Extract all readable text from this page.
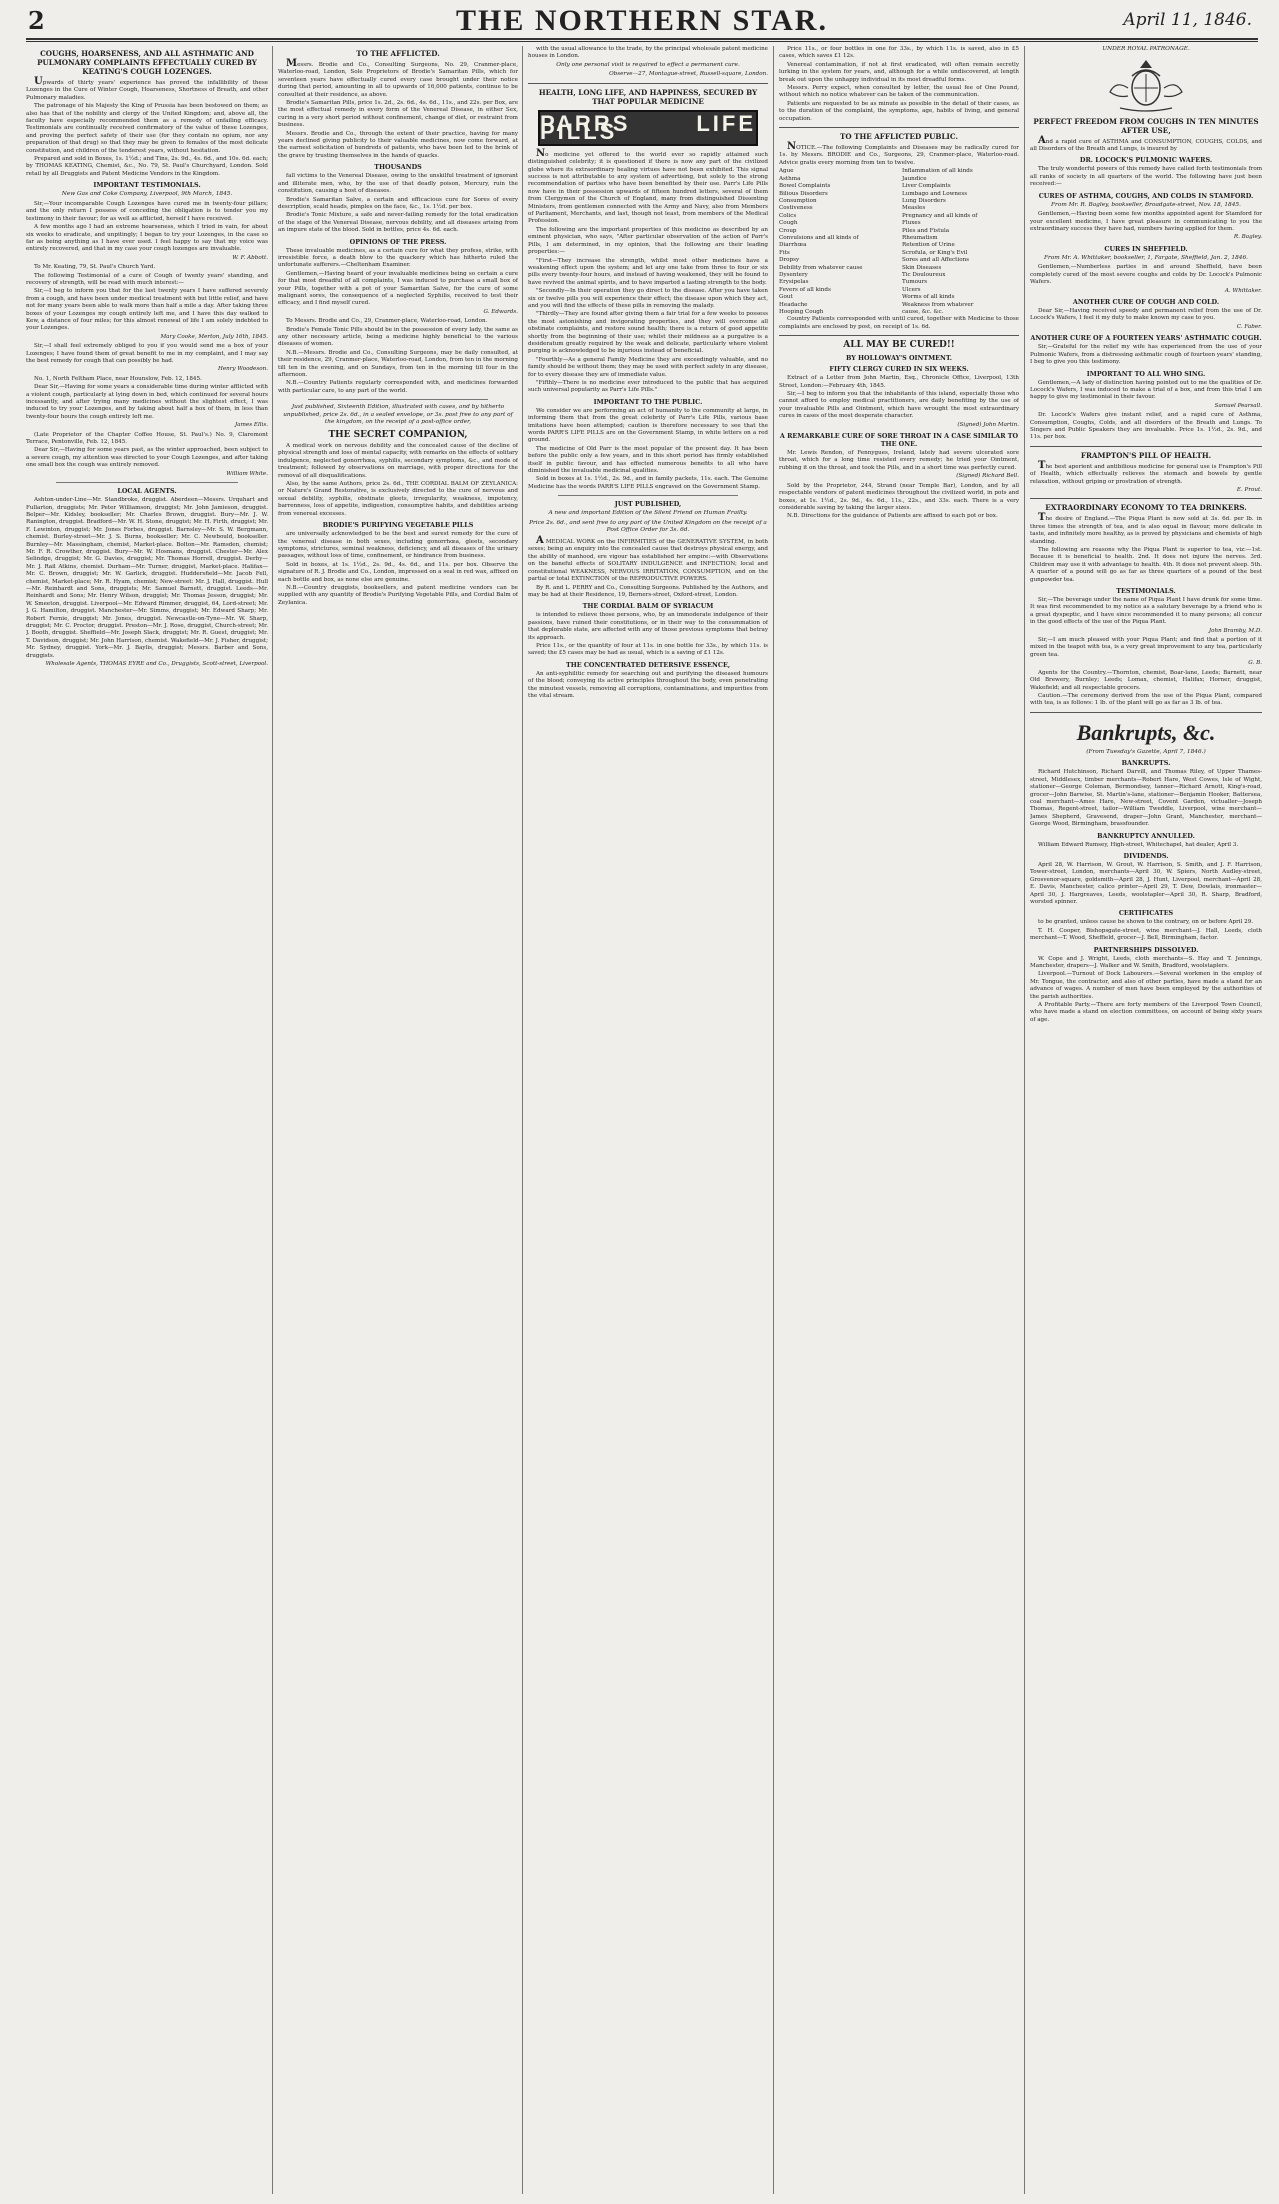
2	THE NORTHERN STAR.	April 11, 1846.
COUGHS, HOARSENESS, AND ALL ASTHMATIC AND PULMONARY COMPLAINTS EFFECTUALLY CURED BY KEATING'S COUGH LOZENGES.
Upwards of thirty years' experience has proved the infallibility of these Lozenges in the Cure of Winter Cough, Hoarseness, Shortness of Breath, and other Pulmonary maladies.
The patronage of his Majesty the King of Prussia has been bestowed on them; as also has that of the nobility and clergy of the United Kingdom; and, above all, the faculty have especially recommended them as a remedy of unfailing efficacy. Testimonials are continually received confirmatory of the value of these Lozenges, and proving the perfect safety of their use (for they contain no opium, nor any preparation of that drug) so that they may be given to females of the most delicate constitution, and children of the tenderest years, without hesitation.
Prepared and sold in Boxes, 1s. 1½d.; and Tins, 2s. 9d., 4s. 6d., and 10s. 6d. each; by THOMAS KEATING, Chemist, &c., No. 79, St. Paul's Churchyard, London. Sold retail by all Druggists and Patent Medicine Vendors in the Kingdom.
IMPORTANT TESTIMONIALS.
New Gas and Coke Company, Liverpool, 9th March, 1845.
Sir,—Your incomparable Cough Lozenges have cured me in twenty-four pillars; and the only return I possess of conceding the obligation is to tender you my testimony in their favour; for as well as afflicted, herself I have received.
A few months ago I had an extreme hoarseness, which I tried in vain, for about six weeks to eradicate, and unpitingly; I began to try your Lozenges, in the case so far as being anything as I have ever used. I feel happy to say that my voice was entirely recovered, and that in my case your cough lozenges are invaluable.
W. F. Abbott.
To Mr. Keating, 79, St. Paul's Church Yard.
The following Testimonial of a cure of Cough of twenty years' standing, and recovery of strength, will be read with much interest:—
Sir,—I beg to inform you that for the last twenty years I have suffered severely from a cough, and have been under medical treatment with but little relief, and have not for many years been able to walk more than half a mile a day. After taking three boxes of your Lozenges my cough entirely left me, and I have this day walked to Kew, a distance of four miles; for this almost renewal of life I am solely indebted to your Lozenges.
Mary Cooke, Merton, July 16th, 1845.
Sir,—I shall feel extremely obliged to you if you would send me a box of your Lozenges; I have found them of great benefit to me in my complaint, and I may say the best remedy for cough that can possibly be had.
Henry Woodeson.
No. 1, North Feltham Place, near Hounslow, Feb. 12, 1845.
Dear Sir,—Having for some years a considerable time during winter afflicted with a violent cough, particularly at lying down in bed, which continued for several hours incessantly, and after trying many medicines without the slightest effect, I was induced to try your Lozenges, and by taking about half a box of them, in less than twenty-four hours the cough entirely left me.
James Ellis.
(Late Proprietor of the Chapter Coffee House, St. Paul's.) No. 9, Claremont Terrace, Pentonville, Feb. 12, 1845.
Dear Sir,—Having for some years past, as the winter approached, been subject to a severe cough, my attention was directed to your Cough Lozenges, and after taking one small box the cough was entirely removed.
William White.
LOCAL AGENTS.
Ashton-under-Line—Mr. Standbroke, druggist. Aberdeen—Messrs. Urquhart and Fullarton, druggists; Mr. Peter Williamson, druggist; Mr. John Jamieson, druggist. Belper—Mr. Kidsley, bookseller; Mr. Charles Brown, druggist. Bury—Mr. J. W. Ranington, druggist. Bradford—Mr. W. H. Stone, druggist; Mr. H. Firth, druggist; Mr. F. Lewinton, druggist; Mr. Jones Forbes, druggist. Barnsley—Mr. S. W. Bergmann, chemist. Burley-street—Mr. J. S. Burns, bookseller; Mr. C. Newbould, bookseller. Burnley—Mr. Massingham, chemist, Market-place. Bolton—Mr. Ramsden, chemist; Mr. F. R. Crowther, druggist. Bury—Mr. W. Hosmans, druggist. Chester—Mr. Alex Selindge, druggist; Mr. G. Davies, druggist; Mr. Thomas Horrell, druggist. Derby—Mr. J. Rail Atkins, chemist. Durham—Mr. Turner, druggist, Market-place. Halifax—Mr. C. Brown, druggist; Mr. W. Garlick, druggist. Huddersfield—Mr. Jacob Fell, chemist, Market-place; Mr. R. Hyam, chemist; New-street: Mr. J. Hall, druggist. Hull—Mr. Reinhardt and Sons, druggists; Mr. Samuel Barnett, druggist. Leeds—Mr. Reinhardt and Sons; Mr. Henry Wilson, druggist; Mr. Thomas Jesson, druggist; Mr. W. Smeeton, druggist. Liverpool—Mr. Edward Rimmer, druggist, 64, Lord-street; Mr. J. G. Hamilton, druggist. Manchester—Mr. Simms, druggist; Mr. Edward Sharp; Mr. Robert Fernie, druggist; Mr. Jones, druggist. Newcastle-on-Tyne—Mr. W. Sharp, druggist; Mr. C. Proctor, druggist. Preston—Mr. J. Rose, druggist, Church-street; Mr. J. Booth, druggist. Sheffield—Mr. Joseph Slack, druggist; Mr. R. Guest, druggist; Mr. T. Davidson, druggist; Mr. John Harrison, chemist. Wakefield—Mr. J. Fisher, druggist; Mr. Sydney, druggist. York—Mr. J. Baylis, druggist; Messrs. Barber and Sons, druggists.
Wholesale Agents, THOMAS EYRE and Co., Druggists, Scott-street, Liverpool.
TO THE AFFLICTED.
Messrs. Brodie and Co., Consulting Surgeons, No. 29, Cranmer-place, Waterloo-road, London, Sole Proprietors of Brodie's Samaritan Pills, which for seventeen years have effectually cured every case brought under their notice during that period, amounting in all to upwards of 16,000 patients, continue to be consulted at their residence, as above.
Brodie's Samaritan Pills, price 1s. 2d., 2s. 6d., 4s. 6d., 11s., and 22s. per Box, are the most effectual remedy in every form of the Venereal Disease, in either Sex, curing in a very short period without confinement, change of diet, or restraint from business.
Messrs. Brodie and Co., through the extent of their practice, having for many years declined giving publicity to their valuable medicines, now come forward, at the earnest solicitation of hundreds of patients, who have been led to the brink of the grave by trusting themselves in the hands of quacks.
THOUSANDS
fall victims to the Venereal Disease, owing to the unskilful treatment of ignorant and illiterate men, who, by the use of that deadly poison, Mercury, ruin the constitution, causing a host of diseases.
Brodie's Samaritan Salve, a certain and efficacious cure for Sores of every description, scald heads, pimples on the face, &c., 1s. 1½d. per box.
Brodie's Tonic Mixture, a safe and never-failing remedy for the total eradication of the stage of the Venereal Disease, nervous debility, and all diseases arising from an impure state of the blood. Sold in bottles, price 4s. 6d. each.
OPINIONS OF THE PRESS.
These invaluable medicines, as a certain cure for what they profess, strike, with irresistible force, a death blow to the quackery which has hitherto ruled the unfortunate sufferers.—Cheltenham Examiner.
Gentlemen,—Having heard of your invaluable medicines being so certain a cure for that most dreadful of all complaints, I was induced to purchase a small box of your Pills, together with a pot of your Samaritan Salve, for the cure of some malignant sores, the consequence of a neglected Syphilis, received to test their efficacy, and I find myself cured.
G. Edwards.
To Messrs. Brodie and Co., 29, Cranmer-place, Waterloo-road, London.
Brodie's Female Tonic Pills should be in the possession of every lady, the same as any other necessary article, being a medicine highly beneficial to the various diseases of women.
N.B.—Messrs. Brodie and Co., Consulting Surgeons, may be daily consulted, at their residence, 29, Cranmer-place, Waterloo-road, London, from ten in the morning till ten in the evening, and on Sundays, from ten in the morning till four in the afternoon.
N.B.—Country Patients regularly corresponded with, and medicines forwarded with particular care, to any part of the world.
Just published, Sixteenth Edition, illustrated with cases, and by hitherto unpublished, price 2s. 6d., in a sealed envelope, or 3s. post free to any part of the kingdom, on the receipt of a post-office order,
THE SECRET COMPANION,
A medical work on nervous debility and the concealed cause of the decline of physical strength and loss of mental capacity, with remarks on the effects of solitary indulgence, neglected gonorrhœa, syphilis, secondary symptoms, &c., and mode of treatment; followed by observations on marriage, with proper directions for the removal of all disqualifications.
Also, by the same Authors, price 2s. 6d., THE CORDIAL BALM OF ZEYLANICA: or Nature's Grand Restorative, is exclusively directed to the cure of nervous and sexual debility, syphilis, obstinate gleets, irregularity, weakness, impotency, barrenness, loss of appetite, indigestion, consumptive habits, and debilities arising from venereal excesses.
BRODIE'S PURIFYING VEGETABLE PILLS
are universally acknowledged to be the best and surest remedy for the cure of the venereal disease in both sexes, including gonorrhœa, gleets, secondary symptoms, strictures, seminal weakness, deficiency, and all diseases of the urinary passages, without loss of time, confinement, or hindrance from business.
Sold in boxes, at 1s. 1½d., 2s. 9d., 4s. 6d., and 11s. per box. Observe the signature of R. J. Brodie and Co., London, impressed on a seal in red wax, affixed on each bottle and box, as none else are genuine.
N.B.—Country druggists, booksellers, and patent medicine vendors can be supplied with any quantity of Brodie's Purifying Vegetable Pills, and Cordial Balm of Zeylanica.
with the usual allowance to the trade, by the principal wholesale patent medicine houses in London.
Only one personal visit is required to effect a permanent cure.
Observe—27, Montague-street, Russell-square, London.
HEALTH, LONG LIFE, AND HAPPINESS, SECURED BY THAT POPULAR MEDICINE
PARRS LIFE PILLS
No medicine yet offered to the world ever so rapidly attained such distinguished celebrity; it is questioned if there is now any part of the civilized globe where its extraordinary healing virtues have not been exhibited. This signal success is not attributable to any system of advertising, but solely to the strong recommendation of parties who have been benefited by their use. Parr's Life Pills now have in their possession upwards of fifteen hundred letters, several of them from Clergymen of the Church of England, many from distinguished Dissenting Ministers, from gentlemen connected with the Army and Navy, also from Members of Parliament, Merchants, and last, though not least, from members of the Medical Profession.
The following are the important properties of this medicine as described by an eminent physician, who says, "After particular observation of the action of Parr's Pills, I am determined, in my opinion, that the following are their leading properties:—
"First—They increase the strength, whilst most other medicines have a weakening effect upon the system; and let any one take from three to four or six pills every twenty-four hours, and instead of having weakened, they will be found to have revived the animal spirits, and to have imparted a lasting strength to the body.
"Secondly—In their operation they go direct to the disease. After you have taken six or twelve pills you will experience their effect; the disease upon which they act, and you will find the effects of these pills in removing the malady.
"Thirdly—They are found after giving them a fair trial for a few weeks to possess the most astonishing and invigorating properties, and they will overcome all obstinate complaints, and restore sound health; there is a return of good appetite shortly from the beginning of their use; whilst their mildness as a purgative is a desideratum greatly required by the weak and delicate, particularly where violent purging is acknowledged to be injurious instead of beneficial.
"Fourthly—As a general Family Medicine they are exceedingly valuable, and no family should be without them; they may be used with perfect safety in any disease, for to every disease they are of immediate value.
"Fifthly—There is no medicine ever introduced to the public that has acquired such universal popularity as Parr's Life Pills."
IMPORTANT TO THE PUBLIC.
We consider we are performing an act of humanity to the community at large, in informing them that from the great celebrity of Parr's Life Pills, various base imitations have been attempted; caution is therefore necessary to see that the words PARR'S LIFE PILLS are on the Government Stamp, in white letters on a red ground.
The medicine of Old Parr is the most popular of the present day. It has been before the public only a few years, and in this short period has firmly established itself in public favour, and has effected numerous benefits to all who have diminished the invaluable medicinal qualities.
Sold in boxes at 1s. 1½d., 2s. 9d., and in family packets, 11s. each. The Genuine Medicine has the words PARR'S LIFE PILLS engraved on the Government Stamp.
JUST PUBLISHED,
A new and important Edition of the Silent Friend on Human Frailty.
Price 2s. 6d., and sent free to any part of the United Kingdom on the receipt of a Post Office Order for 3s. 6d.
A MEDICAL WORK on the INFIRMITIES of the GENERATIVE SYSTEM, in both sexes; being an enquiry into the concealed cause that destroys physical energy, and the ability of manhood, ere vigour has established her empire:—with Observations on the baneful effects of SOLITARY INDULGENCE and INFECTION; local and constitutional WEAKNESS, NERVOUS IRRITATION, CONSUMPTION, and on the partial or total EXTINCTION of the REPRODUCTIVE POWERS.
By R. and L. PERRY and Co., Consulting Surgeons. Published by the Authors, and may be had at their Residence, 19, Berners-street, Oxford-street, London.
THE CORDIAL BALM OF SYRIACUM
is intended to relieve those persons, who, by an immoderate indulgence of their passions, have ruined their constitutions, or in their way to the consummation of that deplorable state, are affected with any of those previous symptoms that betray its approach.
Price 11s., or the quantity of four at 11s. in one bottle for 33s., by which 11s. is saved; the £5 cases may be had as usual, which is a saving of £1 12s.
THE CONCENTRATED DETERSIVE ESSENCE,
An anti-syphilitic remedy for searching out and purifying the diseased humours of the blood; conveying its active principles throughout the body, even penetrating the minutest vessels, removing all corruptions, contaminations, and impurities from the vital stream.
Price 11s., or four bottles in one for 33s., by which 11s. is saved, also in £5 cases, which saves £1 12s.
Venereal contamination, if not at first eradicated, will often remain secretly lurking in the system for years, and, although for a while undiscovered, at length break out upon the unhappy individual in its most dreadful forms.
Messrs. Perry expect, when consulted by letter, the usual fee of One Pound, without which no notice whatever can be taken of the communication.
Patients are requested to be as minute as possible in the detail of their cases, as to the duration of the complaint, the symptoms, age, habits of living, and general occupation.
TO THE AFFLICTED PUBLIC.
NOTICE.—The following Complaints and Diseases may be radically cured for 1s. by Messrs. BRODIE and Co., Surgeons, 29, Cranmer-place, Waterloo-road. Advice gratis every morning from ten to twelve.
Ague	Inflammation of all kinds
Asthma	Jaundice
Bowel Complaints	Liver Complaints
Bilious Disorders	Lumbago and Lowness
Consumption	Lung Disorders
Costiveness	Measles
Colics	Pregnancy and all kinds of
Cough	Fluxes
Croup	Piles and Fistula
Convulsions and all kinds of	Rheumatism
Diarrhœa	Retention of Urine
Fits	Scrofula, or King's Evil
Dropsy	Sores and all Affections
Debility from whatever cause	Skin Diseases
Dysentery	Tic Douloureux
Erysipelas	Tumours
Fevers of all kinds	Ulcers
Gout	Worms of all kinds
Headache	Weakness from whatever
Hooping Cough	cause, &c. &c.
Country Patients corresponded with until cured, together with Medicine to those complaints are enclosed by post, on receipt of 1s. 6d.
ALL MAY BE CURED!!
BY HOLLOWAY'S OINTMENT.
FIFTY CLERGY CURED IN SIX WEEKS.
Extract of a Letter from John Martin, Esq., Chronicle Office, Liverpool, 13th Street, London:—February 4th, 1845.
Sir,—I beg to inform you that the inhabitants of this island, especially those who cannot afford to employ medical practitioners, are daily benefiting by the use of your invaluable Pills and Ointment, which have wrought the most extraordinary cures in cases of the most desperate character.
(Signed) John Martin.
A REMARKABLE CURE OF SORE THROAT IN A CASE SIMILAR TO THE ONE.
Mr. Lewis Rendon, of Fennygues, Ireland, lately had severe ulcerated sore throat, which for a long time resisted every remedy; he tried your Ointment, rubbing it on the throat, and took the Pills, and in a short time was perfectly cured.
(Signed) Richard Bell.
Sold by the Proprietor, 244, Strand (near Temple Bar), London, and by all respectable vendors of patent medicines throughout the civilized world, in pots and boxes, at 1s. 1½d., 2s. 9d., 4s. 6d., 11s., 22s., and 33s. each. There is a very considerable saving by taking the larger sizes.
N.B. Directions for the guidance of Patients are affixed to each pot or box.
UNDER ROYAL PATRONAGE.
PERFECT FREEDOM FROM COUGHS IN TEN MINUTES AFTER USE,
And a rapid cure of ASTHMA and CONSUMPTION, COUGHS, COLDS, and all Disorders of the Breath and Lungs, is insured by
DR. LOCOCK'S PULMONIC WAFERS.
The truly wonderful powers of this remedy have called forth testimonials from all ranks of society in all quarters of the world. The following have just been received:—
CURES OF ASTHMA, COUGHS, AND COLDS IN STAMFORD.
From Mr. R. Bagley, bookseller, Broadgate-street, Nov. 18, 1845.
Gentlemen,—Having been some few months appointed agent for Stamford for your excellent medicine, I have great pleasure in communicating to you the extraordinary success they have had, numbers having applied for them.
R. Bagley.
CURES IN SHEFFIELD.
From Mr. A. Whittaker, bookseller, 1, Fargate, Sheffield, Jan. 2, 1846.
Gentlemen,—Numberless parties in and around Sheffield, have been completely cured of the most severe coughs and colds by Dr. Locock's Pulmonic Wafers.
A. Whittaker.
ANOTHER CURE OF COUGH AND COLD.
Dear Sir,—Having received speedy and permanent relief from the use of Dr. Locock's Wafers, I feel it my duty to make known my case to you.
C. Faber.
ANOTHER CURE OF A FOURTEEN YEARS' ASTHMATIC COUGH.
Sir,—Grateful for the relief my wife has experienced from the use of your Pulmonic Wafers, from a distressing asthmatic cough of fourteen years' standing, I beg to give you this testimony.
IMPORTANT TO ALL WHO SING.
Gentlemen,—A lady of distinction having pointed out to me the qualities of Dr. Locock's Wafers, I was induced to make a trial of a box, and from this trial I am happy to give my testimonial in their favour.
Samuel Pearsall.
Dr. Locock's Wafers give instant relief, and a rapid cure of Asthma, Consumption, Coughs, Colds, and all disorders of the Breath and Lungs. To Singers and Public Speakers they are invaluable. Price 1s. 1½d., 2s. 9d., and 11s. per box.
FRAMPTON'S PILL OF HEALTH.
The best aperient and antibilious medicine for general use is Frampton's Pill of Health, which effectually relieves the stomach and bowels by gentle relaxation, without griping or prostration of strength.
E. Prout.
EXTRAORDINARY ECONOMY TO TEA DRINKERS.
The desire of England.—The Piqua Plant is now sold at 3s. 6d. per lb. in three times the strength of tea, and is also equal in flavour, more delicate in taste, and infinitely more healthy, as is proved by physicians and chemists of high standing.
The following are reasons why the Piqua Plant is superior to tea, viz:—1st. Because it is beneficial to health. 2nd. It does not injure the nerves. 3rd. Children may use it with advantage to health. 4th. It does not prevent sleep. 5th. A quarter of a pound will go as far as three quarters of a pound of the best gunpowder tea.
TESTIMONIALS.
Sir,—The beverage under the name of Piqua Plant I have drunk for some time. It was first recommended to my notice as a salutary beverage by a friend who is a great dyspeptic, and I have since recommended it to many persons; all concur in the good effects of the use of the Piqua Plant.
John Bramby, M.D.
Sir,—I am much pleased with your Piqua Plant; and find that a portion of it mixed in the teapot with tea, is a very great improvement to any tea, particularly green tea.
G. B.
Agents for the Country.—Thornton, chemist, Boar-lane, Leeds; Barnett, near Old Brewery, Burnley; Leeds; Lomax, chemist, Halifax; Horner, druggist, Wakefield; and all respectable grocers.
Caution.—The ceremony derived from the use of the Piqua Plant, compared with tea, is as follows: 1 lb. of the plant will go as far as 3 lb. of tea.
Bankrupts, &c.
(From Tuesday's Gazette, April 7, 1846.)
BANKRUPTS.
Richard Hutchinson, Richard Darvill, and Thomas Riley, of Upper Thames-street, Middlesex, timber merchants—Robert Hare, West Cowes, Isle of Wight, stationer—George Coleman, Bermondsey, tanner—Richard Arnott, King's-road, grocer—John Barwise, St. Martin's-lane, stationer—Benjamin Hooker, Battersea, coal merchant—Ames Hare, New-street, Covent Garden, victualler—Joseph Thomas, Regent-street, tailor—William Tweddle, Liverpool, wine merchant—James Shepherd, Gravesend, draper—John Grant, Manchester, merchant—George Wood, Birmingham, brassfounder.
BANKRUPTCY ANNULLED.
William Edward Rumsey, High-street, Whitechapel, hat dealer, April 3.
DIVIDENDS.
April 28, W. Harrison, W. Grout, W. Harrison, S. Smith, and J. F. Harrison, Tower-street, London, merchants—April 30, W. Spiers, North Audley-street, Grosvenor-square, goldsmith—April 28, J. Hunt, Liverpool, merchant—April 28, E. Davis, Manchester, calico printer—April 29, T. Dew, Dowlais, ironmaster—April 30, J. Hargreaves, Leeds, woolstapler—April 30, R. Sharp, Bradford, worsted spinner.
CERTIFICATES
to be granted, unless cause be shown to the contrary, on or before April 29.
T. H. Cooper, Bishopsgate-street, wine merchant—J. Hall, Leeds, cloth merchant—T. Wood, Sheffield, grocer—J. Bell, Birmingham, factor.
PARTNERSHIPS DISSOLVED.
W. Cope and J. Wright, Leeds, cloth merchants—S. Hay and T. Jennings, Manchester, drapers—J. Walker and W. Smith, Bradford, woolstaplers.
Liverpool.—Turnout of Dock Labourers.—Several workmen in the employ of Mr. Tongue, the contractor, and also of other parties, have made a stand for an advance of wages. A number of men have been employed by the authorities of the parish authorities.
A Profitable Party.—There are forty members of the Liverpool Town Council, who have made a stand on election committees, on account of being sixty years of age.
